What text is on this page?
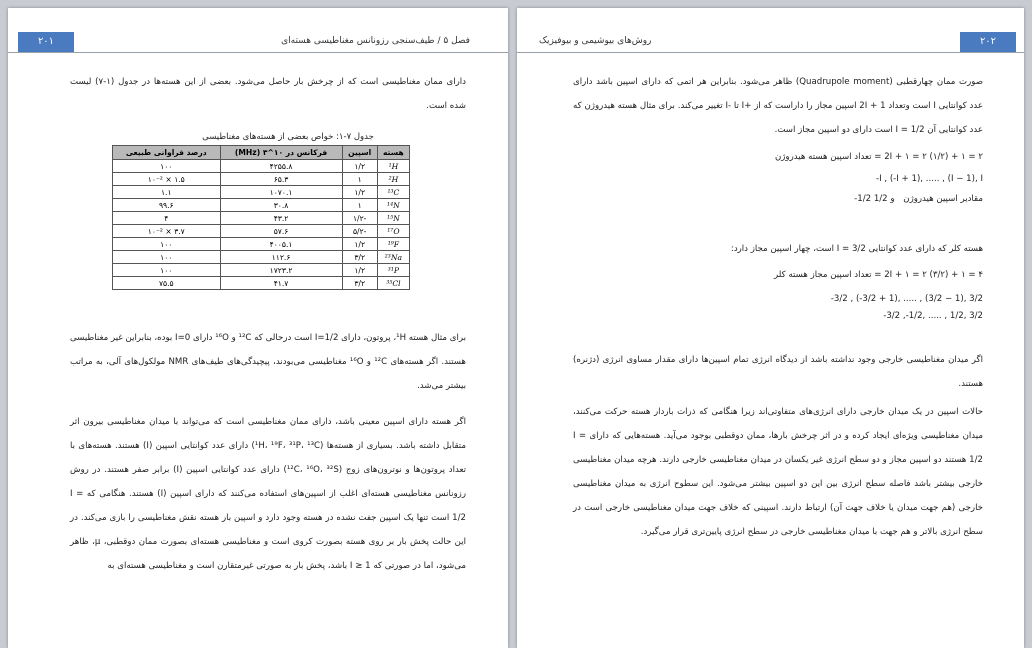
۲۰۱	فصل ۵ / طیف‌سنجی رزونانس مغناطیسی هسته‌ای
دارای ممان مغناطیسی است که از چرخش بار حاصل می‌شود. بعضی از این هسته‌ها در جدول (۱-۷) لیست شده است.
جدول ۷-۱: خواص بعضی از هسته‌های مغناطیسی
هسته	اسپین	فرکانس در ۱۰^۳ (MHz)	درصد فراوانی طبیعی
¹H	۱/۲	۴۲۵۵.۸	۱۰۰
²H	۱	۶۵.۳	۱.۵ × ۱۰⁻²
¹³C	۱/۲	۱۰۷۰.۱	۱.۱
¹⁴N	۱	۳۰.۸	۹۹.۶
¹⁵N	-۱/۲	۴۳.۲	۴
¹⁷O	-۵/۲	۵۷.۶	۳.۷ × ۱۰⁻²
¹⁹F	۱/۲	۴۰۰۵.۱	۱۰۰
²³Na	۳/۲	۱۱۲.۶	۱۰۰
³¹P	۱/۲	۱۷۲۳.۲	۱۰۰
³⁵Cl	۳/۲	۴۱.۷	۷۵.۵
برای مثال هسته ¹H، پروتون، دارای I=1/2 است درحالی که ¹²C و ¹⁶O دارای I=0 بوده، بنابراین غیر مغناطیسی هستند. اگر هسته‌های ¹²C و ¹⁶O مغناطیسی می‌بودند، پیچیدگی‌های طیف‌های NMR مولکول‌های آلی، به مراتب بیشتر می‌شد.
اگر هسته دارای اسپین معینی باشد، دارای ممان مغناطیسی است که می‌تواند با میدان مغناطیسی بیرون اثر متقابل داشته باشد. بسیاری از هسته‌ها (¹H، ¹⁹F، ³¹P، ¹³C) دارای عدد کوانتایی اسپین (I) هستند. هسته‌های با تعداد پروتون‌ها و نوترون‌های زوج (¹²C، ¹⁶O، ³²S) دارای عدد کوانتایی اسپین (I) برابر صفر هستند. در روش رزونانس مغناطیسی هسته‌ای اغلب از اسپین‌های استفاده می‌کنند که دارای اسپین (I) هستند. هنگامی که I = 1/2 است تنها یک اسپین جفت نشده در هسته وجود دارد و اسپین بار هسته نقش مغناطیسی را بازی می‌کند. در این حالت پخش بار بر روی هسته بصورت کروی است و مغناطیسی هسته‌ای بصورت ممان دوقطبی، μ، ظاهر می‌شود، اما در صورتی که I ≥ 1 باشد، پخش بار به صورتی غیرمتقارن است و مغناطیسی هسته‌ای به
۲۰۲
روش‌های بیوشیمی و بیوفیزیک
صورت ممان چهارقطبی (Quadrupole moment) ظاهر می‌شود. بنابراین هر اتمی که دارای اسپین باشد دارای عدد کوانتایی I است وتعداد 2I + 1 اسپین مجاز را داراست که از +I تا -I تغییر می‌کند. برای مثال هسته هیدروژن که عدد کوانتایی آن 1/2 = I است دارای دو اسپین مجاز است.
۲ = ۱ + (۱/۲) ۲ = ۱ + 2I = تعداد اسپین هسته هیدروژن
-I , (-I + 1), ..... , (I − 1), I
مقادیر اسپین هیدروژن -1/2 و 1/2
هسته کلر که دارای عدد کوانتایی 3/2 = I است، چهار اسپین مجاز دارد:
۴ = ۱ + (۳/۲) ۲ = ۱ + 2I = تعداد اسپین مجاز هسته کلر
-3/2 , (-3/2 + 1), ..... , (3/2 − 1), 3/2
-3/2 ,-1/2, ..... , 1/2, 3/2
اگر میدان مغناطیسی خارجی وجود نداشته باشد از دیدگاه انرژی تمام اسپین‌ها دارای مقدار مساوی انرژی (دژنره) هستند.
حالات اسپین در یک میدان خارجی دارای انرژی‌های متفاوتی‌اند زیرا هنگامی که ذرات باردار هسته حرکت می‌کنند، میدان مغناطیسی ویژه‌ای ایجاد کرده و در اثر چرخش بارها، ممان دوقطبی بوجود می‌آید. هسته‌هایی که دارای I = 1/2 هستند دو اسپین مجاز و دو سطح انرژی غیر یکسان در میدان مغناطیسی خارجی دارند. هرچه میدان مغناطیسی خارجی بیشتر باشد فاصله سطح انرژی بین این دو اسپین بیشتر می‌شود. این سطوح انرژی به میدان مغناطیسی خارجی (هم جهت میدان یا خلاف جهت آن) ارتباط دارند. اسپینی که خلاف جهت میدان مغناطیسی خارجی است در سطح انرژی بالاتر و هم جهت با میدان مغناطیسی خارجی در سطح انرژی پایین‌تری قرار می‌گیرد.
